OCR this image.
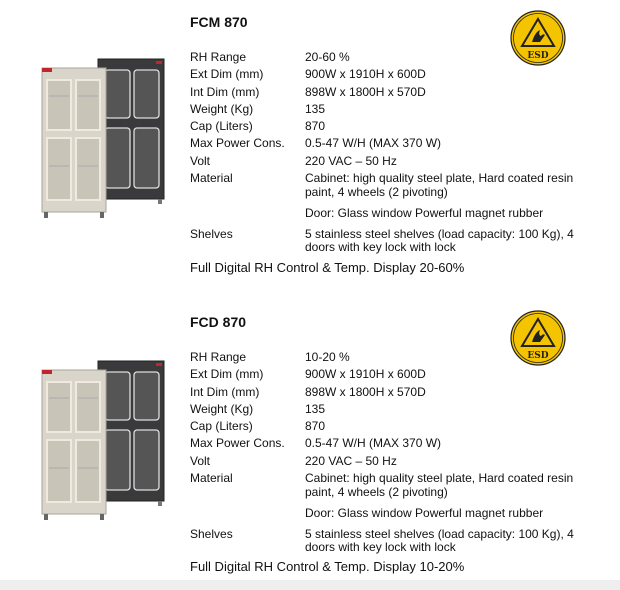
FCM 870
ESD
RH Range	20-60 %
Ext Dim (mm)	900W x 1910H x 600D
Int Dim (mm)	898W x 1800H x 570D
Weight (Kg)	135
Cap (Liters)	870
Max Power Cons.	0.5-47 W/H (MAX 370 W)
Volt	220 VAC – 50 Hz
Material	Cabinet: high quality steel plate, Hard coated resin paint, 4 wheels (2 pivoting)
Door: Glass window Powerful magnet rubber
Shelves	5 stainless steel shelves (load capacity: 100 Kg), 4 doors with key lock with lock
Full Digital RH Control & Temp. Display 20-60%
FCD 870
ESD
RH Range	10-20 %
Ext Dim (mm)	900W x 1910H x 600D
Int Dim (mm)	898W x 1800H x 570D
Weight (Kg)	135
Cap (Liters)	870
Max Power Cons.	0.5-47 W/H (MAX 370 W)
Volt	220 VAC – 50 Hz
Material	Cabinet: high quality steel plate, Hard coated resin paint, 4 wheels (2 pivoting)
Door: Glass window Powerful magnet rubber
Shelves	5 stainless steel shelves (load capacity: 100 Kg), 4 doors with key lock with lock
Full Digital RH Control & Temp. Display 10-20%
